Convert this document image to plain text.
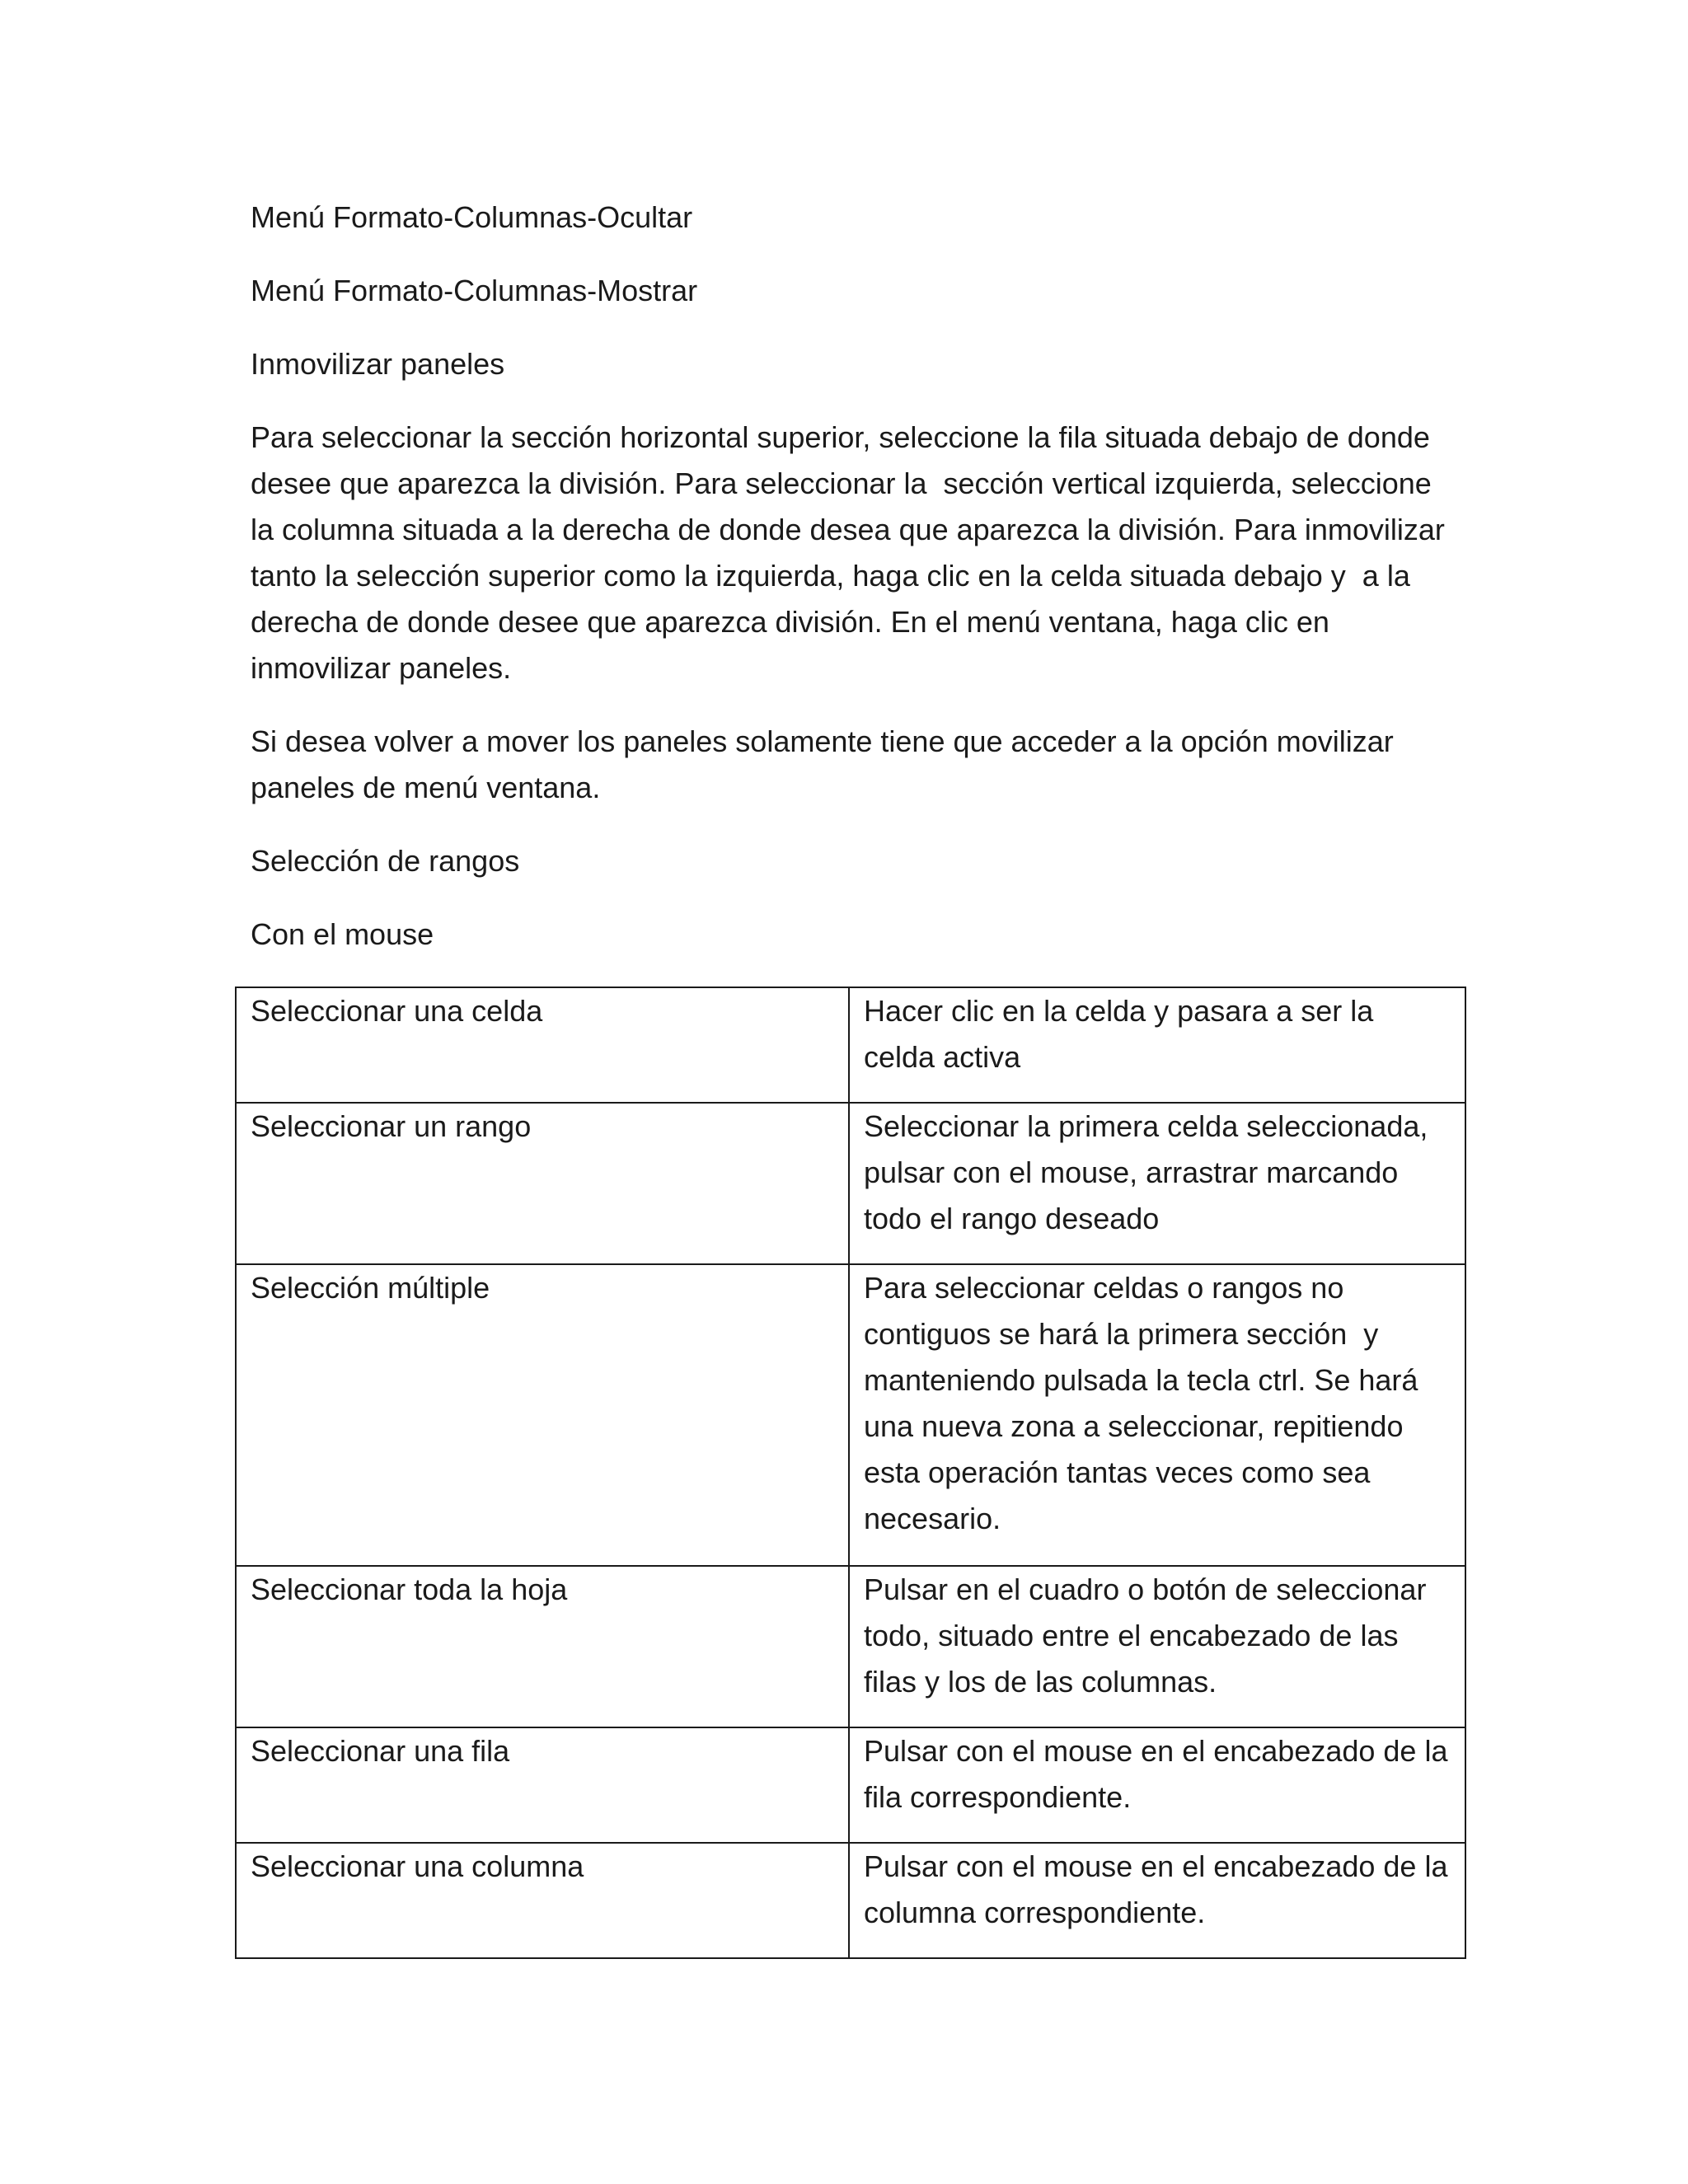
Menú Formato-Columnas-Ocultar

Menú Formato-Columnas-Mostrar

Inmovilizar paneles

Para seleccionar la sección horizontal superior, seleccione la fila situada debajo de donde desee que aparezca la división. Para seleccionar la  sección vertical izquierda, seleccione la columna situada a la derecha de donde desea que aparezca la división. Para inmovilizar  tanto la selección superior como la izquierda, haga clic en la celda situada debajo y  a la derecha de donde desee que aparezca división. En el menú ventana, haga clic en inmovilizar paneles.

Si desea volver a mover los paneles solamente tiene que acceder a la opción movilizar paneles de menú ventana.

Selección de rangos

Con el mouse

Seleccionar una celda	Hacer clic en la celda y pasara a ser la celda activa
Seleccionar un rango	Seleccionar la primera celda seleccionada, pulsar con el mouse, arrastrar marcando todo el rango deseado
Selección múltiple	Para seleccionar celdas o rangos no contiguos se hará la primera sección  y manteniendo pulsada la tecla ctrl. Se hará una nueva zona a seleccionar, repitiendo esta operación tantas veces como sea necesario.
Seleccionar toda la hoja	Pulsar en el cuadro o botón de seleccionar todo, situado entre el encabezado de las filas y los de las columnas.
Seleccionar una fila	Pulsar con el mouse en el encabezado de la fila correspondiente.
Seleccionar una columna	Pulsar con el mouse en el encabezado de la columna correspondiente.
